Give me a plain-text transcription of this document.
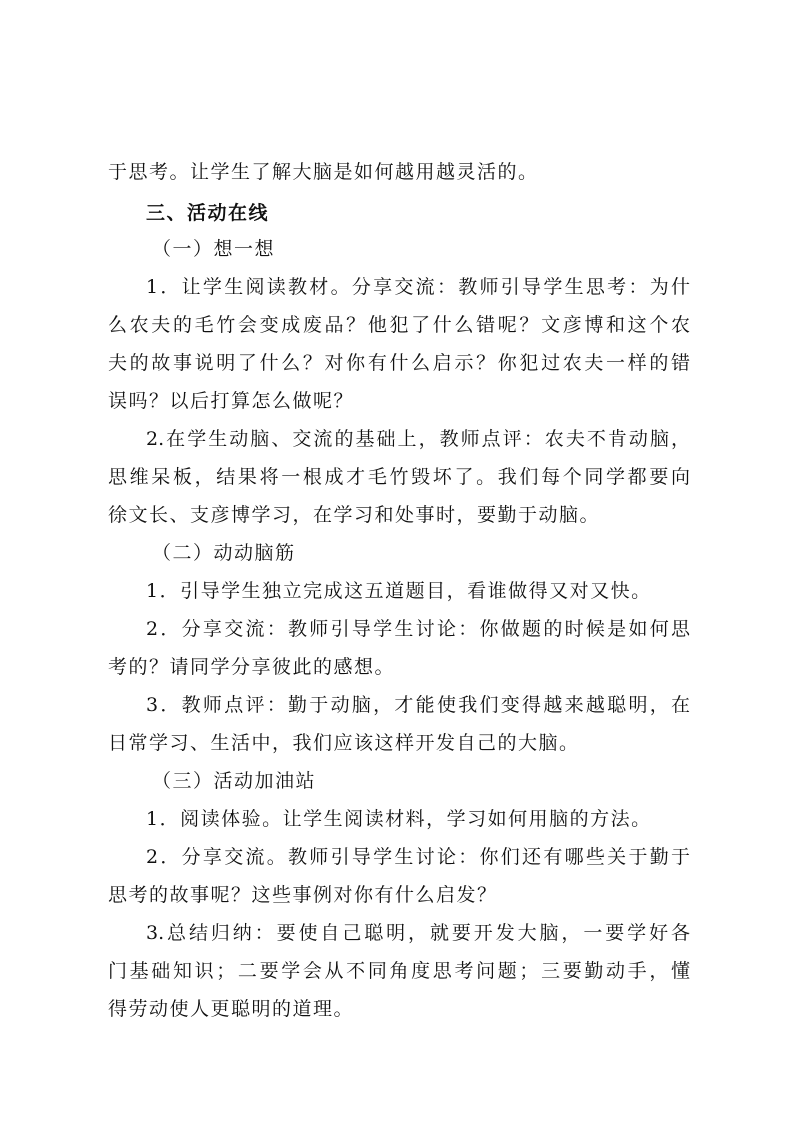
于思考。让学生了解大脑是如何越用越灵活的。
三、活动在线
（一）想一想
1．让学生阅读教材。分享交流：教师引导学生思考：为什
么农夫的毛竹会变成废品？他犯了什么错呢？文彦博和这个农
夫的故事说明了什么？对你有什么启示？你犯过农夫一样的错
误吗？以后打算怎么做呢？
2.在学生动脑、交流的基础上，教师点评：农夫不肯动脑，
思维呆板，结果将一根成才毛竹毁坏了。我们每个同学都要向
徐文长、支彦博学习，在学习和处事时，要勤于动脑。
（二）动动脑筋
1．引导学生独立完成这五道题目，看谁做得又对又快。
2．分享交流：教师引导学生讨论：你做题的时候是如何思
考的？请同学分享彼此的感想。
3．教师点评：勤于动脑，才能使我们变得越来越聪明，在
日常学习、生活中，我们应该这样开发自己的大脑。
（三）活动加油站
1．阅读体验。让学生阅读材料，学习如何用脑的方法。
2．分享交流。教师引导学生讨论：你们还有哪些关于勤于
思考的故事呢？这些事例对你有什么启发？
3.总结归纳：要使自己聪明，就要开发大脑，一要学好各
门基础知识；二要学会从不同角度思考问题；三要勤动手，懂
得劳动使人更聪明的道理。
